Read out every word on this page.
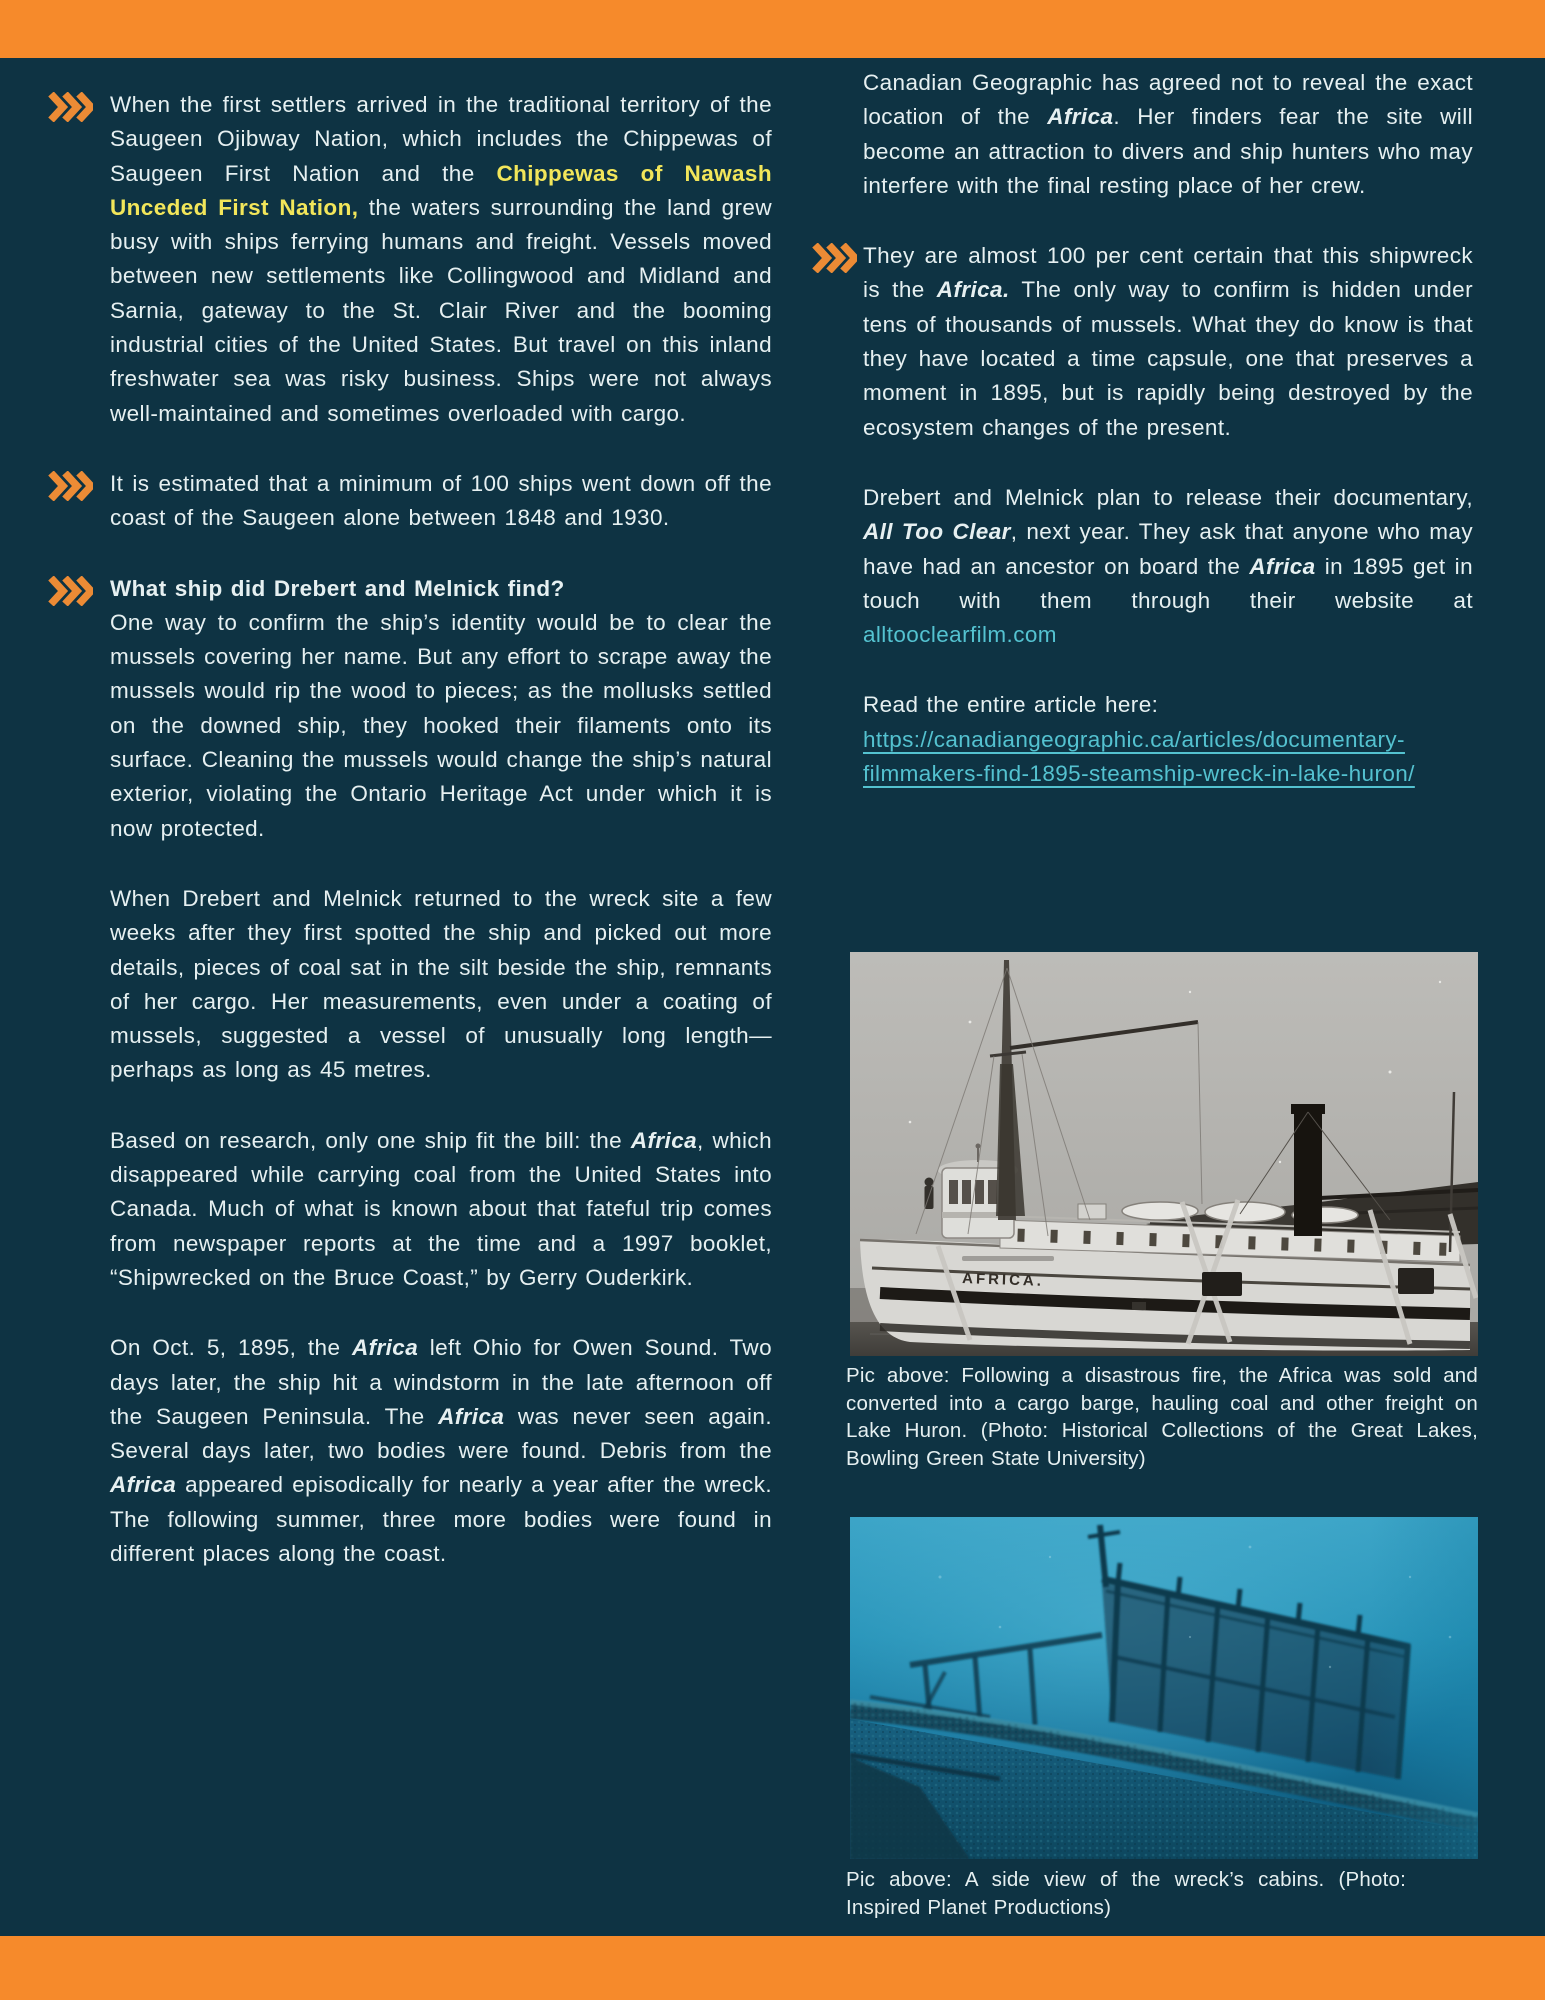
When the first settlers arrived in the traditional territory of the Saugeen Ojibway Nation, which includes the Chippewas of Saugeen First Nation and the Chippewas of Nawash Unceded First Nation, the waters surrounding the land grew busy with ships ferrying humans and freight. Vessels moved between new settlements like Collingwood and Midland and Sarnia, gateway to the St. Clair River and the booming industrial cities of the United States. But travel on this inland freshwater sea was risky business. Ships were not always well-maintained and sometimes overloaded with cargo.
It is estimated that a minimum of 100 ships went down off the coast of the Saugeen alone between 1848 and 1930.
What ship did Drebert and Melnick find?
One way to confirm the ship’s identity would be to clear the mussels covering her name. But any effort to scrape away the mussels would rip the wood to pieces; as the mollusks settled on the downed ship, they hooked their filaments onto its surface. Cleaning the mussels would change the ship’s natural exterior, violating the Ontario Heritage Act under which it is now protected.
When Drebert and Melnick returned to the wreck site a few weeks after they first spotted the ship and picked out more details, pieces of coal sat in the silt beside the ship, remnants of her cargo. Her measurements, even under a coating of mussels, suggested a vessel of unusually long length—perhaps as long as 45 metres.
Based on research, only one ship fit the bill: the Africa, which disappeared while carrying coal from the United States into Canada. Much of what is known about that fateful trip comes from newspaper reports at the time and a 1997 booklet, “Shipwrecked on the Bruce Coast,” by Gerry Ouderkirk.
On Oct. 5, 1895, the Africa left Ohio for Owen Sound. Two days later, the ship hit a windstorm in the late afternoon off the Saugeen Peninsula. The Africa was never seen again. Several days later, two bodies were found. Debris from the Africa appeared episodically for nearly a year after the wreck. The following summer, three more bodies were found in different places along the coast.
Canadian Geographic has agreed not to reveal the exact location of the Africa. Her finders fear the site will become an attraction to divers and ship hunters who may interfere with the final resting place of her crew.
They are almost 100 per cent certain that this shipwreck is the Africa. The only way to confirm is hidden under tens of thousands of mussels. What they do know is that they have located a time capsule, one that preserves a moment in 1895, but is rapidly being destroyed by the ecosystem changes of the present.
Drebert and Melnick plan to release their documentary, All Too Clear, next year. They ask that anyone who may have had an ancestor on board the Africa in 1895 get in touch with them through their website at alltooclearfilm.com
Read the entire article here:
https://canadiangeographic.ca/articles/documentary-filmmakers-find-1895-steamship-wreck-in-lake-huron/
AFRICA.
Pic above: Following a disastrous fire, the Africa was sold and converted into a cargo barge, hauling coal and other freight on Lake Huron. (Photo: Historical Collections of the Great Lakes, Bowling Green State University)
Pic above: A side view of the wreck’s cabins. (Photo: Inspired Planet Productions)
